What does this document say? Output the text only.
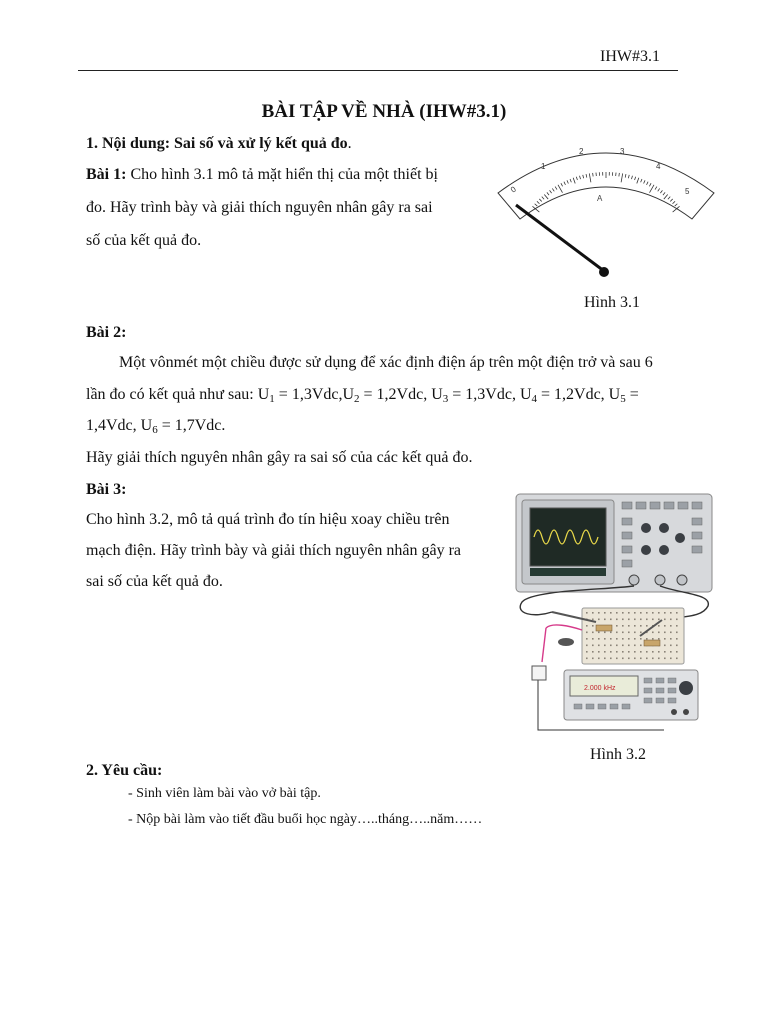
IHW#3.1
BÀI TẬP VỀ NHÀ (IHW#3.1)
1. Nội dung: Sai số và xử lý kết quả đo.
Bài 1: Cho hình 3.1 mô tả mặt hiển thị của một thiết bị
đo. Hãy trình bày và giải thích nguyên nhân gây ra sai
số của kết quả đo.
0
1
2	3
4
5
A
Hình 3.1
Bài 2:
Một vônmét một chiều được sử dụng để xác định điện áp trên một điện trở và sau 6
lần đo có kết quả như sau: $U_1 = 1,3Vdc,U_2 = 1,2Vdc$, $U_3 = 1,3Vdc$, $U_4 = 1,2Vdc$, $U_5$ =
1,4Vdc, $U_6 = 1,7Vdc$.
Hãy giải thích nguyên nhân gây ra sai số của các kết quả đo.
Bài 3:
Cho hình 3.2, mô tả quá trình đo tín hiệu xoay chiều trên
mạch điện. Hãy trình bày và giải thích nguyên nhân gây ra
sai số của kết quả đo.
2.000 kHz
Hình 3.2
2. Yêu cầu:
- Sinh viên làm bài vào vở bài tập.
- Nộp bài làm vào tiết đầu buổi học ngày…..tháng…..năm……
